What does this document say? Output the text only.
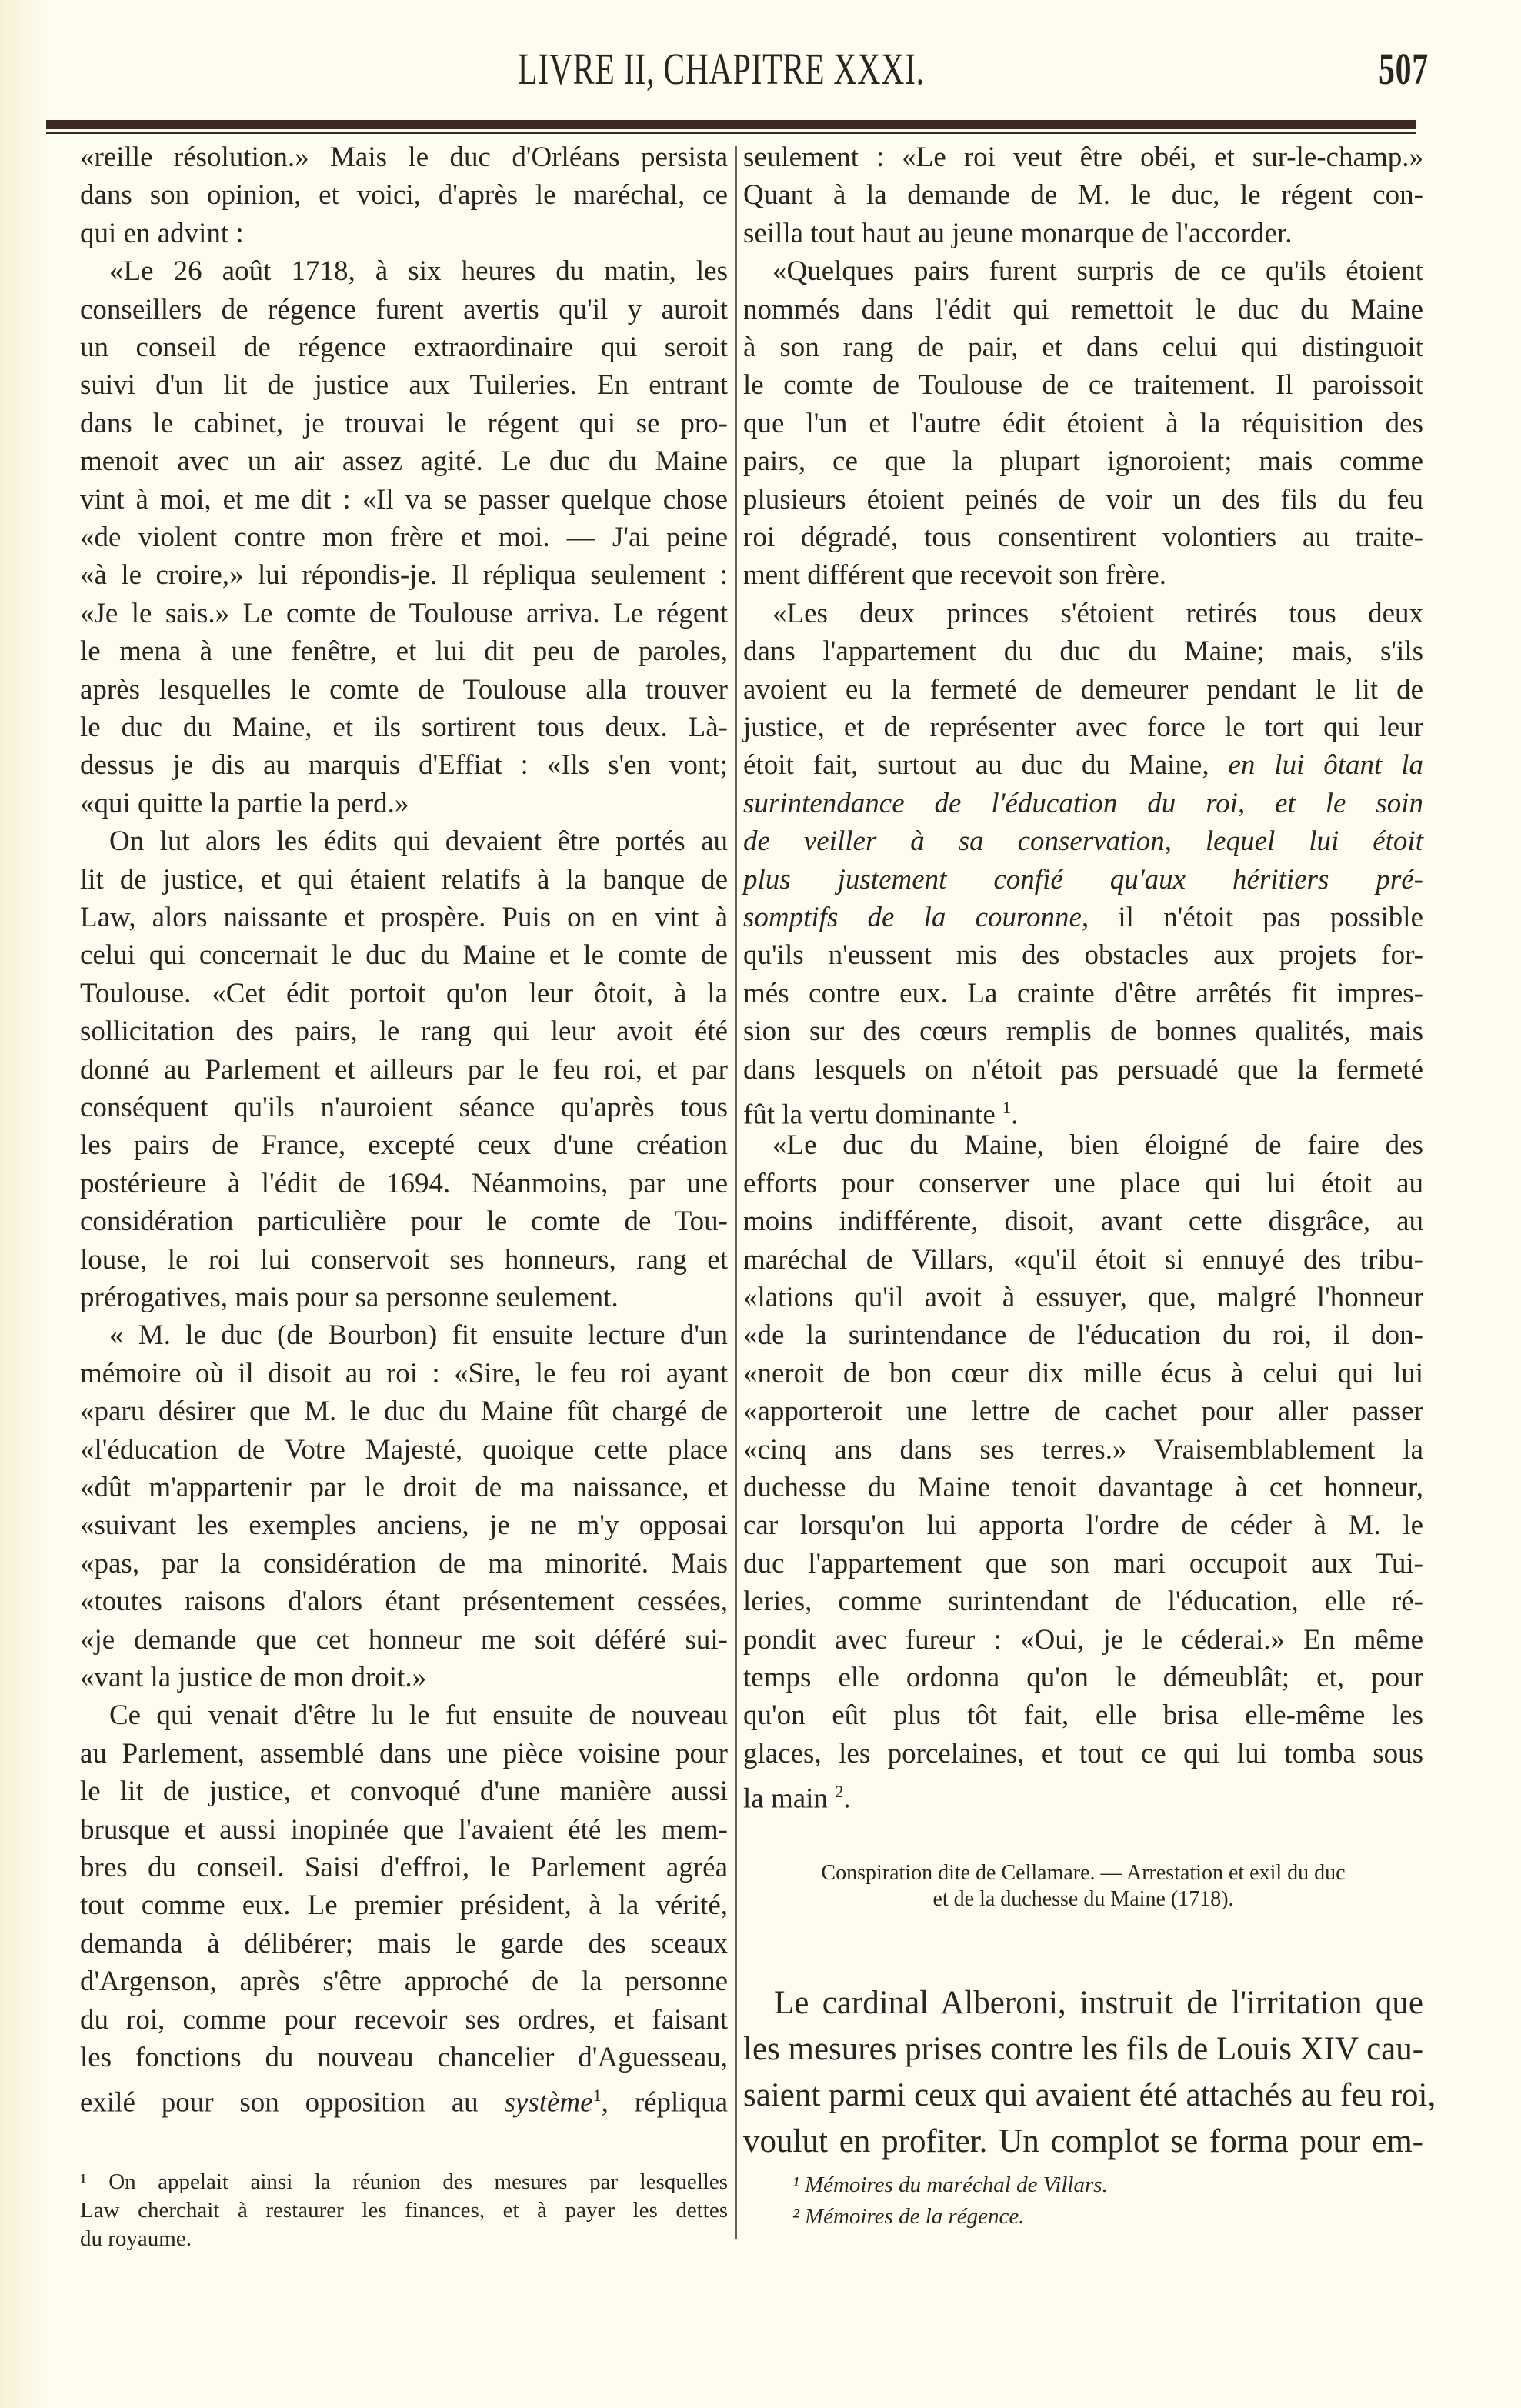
LIVRE II, CHAPITRE XXXI.	507
«reille résolution.» Mais le duc d'Orléans persista
dans son opinion, et voici, d'après le maréchal, ce
qui en advint :
«Le 26 août 1718, à six heures du matin, les
conseillers de régence furent avertis qu'il y auroit
un conseil de régence extraordinaire qui seroit
suivi d'un lit de justice aux Tuileries. En entrant
dans le cabinet, je trouvai le régent qui se pro-
menoit avec un air assez agité. Le duc du Maine
vint à moi, et me dit : «Il va se passer quelque chose
«de violent contre mon frère et moi. — J'ai peine
«à le croire,» lui répondis-je. Il répliqua seulement :
«Je le sais.» Le comte de Toulouse arriva. Le régent
le mena à une fenêtre, et lui dit peu de paroles,
après lesquelles le comte de Toulouse alla trouver
le duc du Maine, et ils sortirent tous deux. Là-
dessus je dis au marquis d'Effiat : «Ils s'en vont;
«qui quitte la partie la perd.»
On lut alors les édits qui devaient être portés au
lit de justice, et qui étaient relatifs à la banque de
Law, alors naissante et prospère. Puis on en vint à
celui qui concernait le duc du Maine et le comte de
Toulouse. «Cet édit portoit qu'on leur ôtoit, à la
sollicitation des pairs, le rang qui leur avoit été
donné au Parlement et ailleurs par le feu roi, et par
conséquent qu'ils n'auroient séance qu'après tous
les pairs de France, excepté ceux d'une création
postérieure à l'édit de 1694. Néanmoins, par une
considération particulière pour le comte de Tou-
louse, le roi lui conservoit ses honneurs, rang et
prérogatives, mais pour sa personne seulement.
« M. le duc (de Bourbon) fit ensuite lecture d'un
mémoire où il disoit au roi : «Sire, le feu roi ayant
«paru désirer que M. le duc du Maine fût chargé de
«l'éducation de Votre Majesté, quoique cette place
«dût m'appartenir par le droit de ma naissance, et
«suivant les exemples anciens, je ne m'y opposai
«pas, par la considération de ma minorité. Mais
«toutes raisons d'alors étant présentement cessées,
«je demande que cet honneur me soit déféré sui-
«vant la justice de mon droit.»
Ce qui venait d'être lu le fut ensuite de nouveau
au Parlement, assemblé dans une pièce voisine pour
le lit de justice, et convoqué d'une manière aussi
brusque et aussi inopinée que l'avaient été les mem-
bres du conseil. Saisi d'effroi, le Parlement agréa
tout comme eux. Le premier président, à la vérité,
demanda à délibérer; mais le garde des sceaux
d'Argenson, après s'être approché de la personne
du roi, comme pour recevoir ses ordres, et faisant
les fonctions du nouveau chancelier d'Aguesseau,
exilé pour son opposition au système$^1$, répliqua
seulement : «Le roi veut être obéi, et sur-le-champ.»
Quant à la demande de M. le duc, le régent con-
seilla tout haut au jeune monarque de l'accorder.
«Quelques pairs furent surpris de ce qu'ils étoient
nommés dans l'édit qui remettoit le duc du Maine
à son rang de pair, et dans celui qui distinguoit
le comte de Toulouse de ce traitement. Il paroissoit
que l'un et l'autre édit étoient à la réquisition des
pairs, ce que la plupart ignoroient; mais comme
plusieurs étoient peinés de voir un des fils du feu
roi dégradé, tous consentirent volontiers au traite-
ment différent que recevoit son frère.
«Les deux princes s'étoient retirés tous deux
dans l'appartement du duc du Maine; mais, s'ils
avoient eu la fermeté de demeurer pendant le lit de
justice, et de représenter avec force le tort qui leur
étoit fait, surtout au duc du Maine, en lui ôtant la
surintendance de l'éducation du roi, et le soin
de veiller à sa conservation, lequel lui étoit
plus justement confié qu'aux héritiers pré-
somptifs de la couronne, il n'étoit pas possible
qu'ils n'eussent mis des obstacles aux projets for-
més contre eux. La crainte d'être arrêtés fit impres-
sion sur des cœurs remplis de bonnes qualités, mais
dans lesquels on n'étoit pas persuadé que la fermeté
fût la vertu dominante $^1$.
«Le duc du Maine, bien éloigné de faire des
efforts pour conserver une place qui lui étoit au
moins indifférente, disoit, avant cette disgrâce, au
maréchal de Villars, «qu'il étoit si ennuyé des tribu-
«lations qu'il avoit à essuyer, que, malgré l'honneur
«de la surintendance de l'éducation du roi, il don-
«neroit de bon cœur dix mille écus à celui qui lui
«apporteroit une lettre de cachet pour aller passer
«cinq ans dans ses terres.» Vraisemblablement la
duchesse du Maine tenoit davantage à cet honneur,
car lorsqu'on lui apporta l'ordre de céder à M. le
duc l'appartement que son mari occupoit aux Tui-
leries, comme surintendant de l'éducation, elle ré-
pondit avec fureur : «Oui, je le céderai.» En même
temps elle ordonna qu'on le démeublât; et, pour
qu'on eût plus tôt fait, elle brisa elle-même les
glaces, les porcelaines, et tout ce qui lui tomba sous
la main $^2$.
Conspiration dite de Cellamare. — Arrestation et exil du duc
et de la duchesse du Maine (1718).
Le cardinal Alberoni, instruit de l'irritation que
les mesures prises contre les fils de Louis XIV cau-
saient parmi ceux qui avaient été attachés au feu roi,
voulut en profiter. Un complot se forma pour em-
¹ On appelait ainsi la réunion des mesures par lesquelles
Law cherchait à restaurer les finances, et à payer les dettes
du royaume.
¹ Mémoires du maréchal de Villars.
² Mémoires de la régence.
